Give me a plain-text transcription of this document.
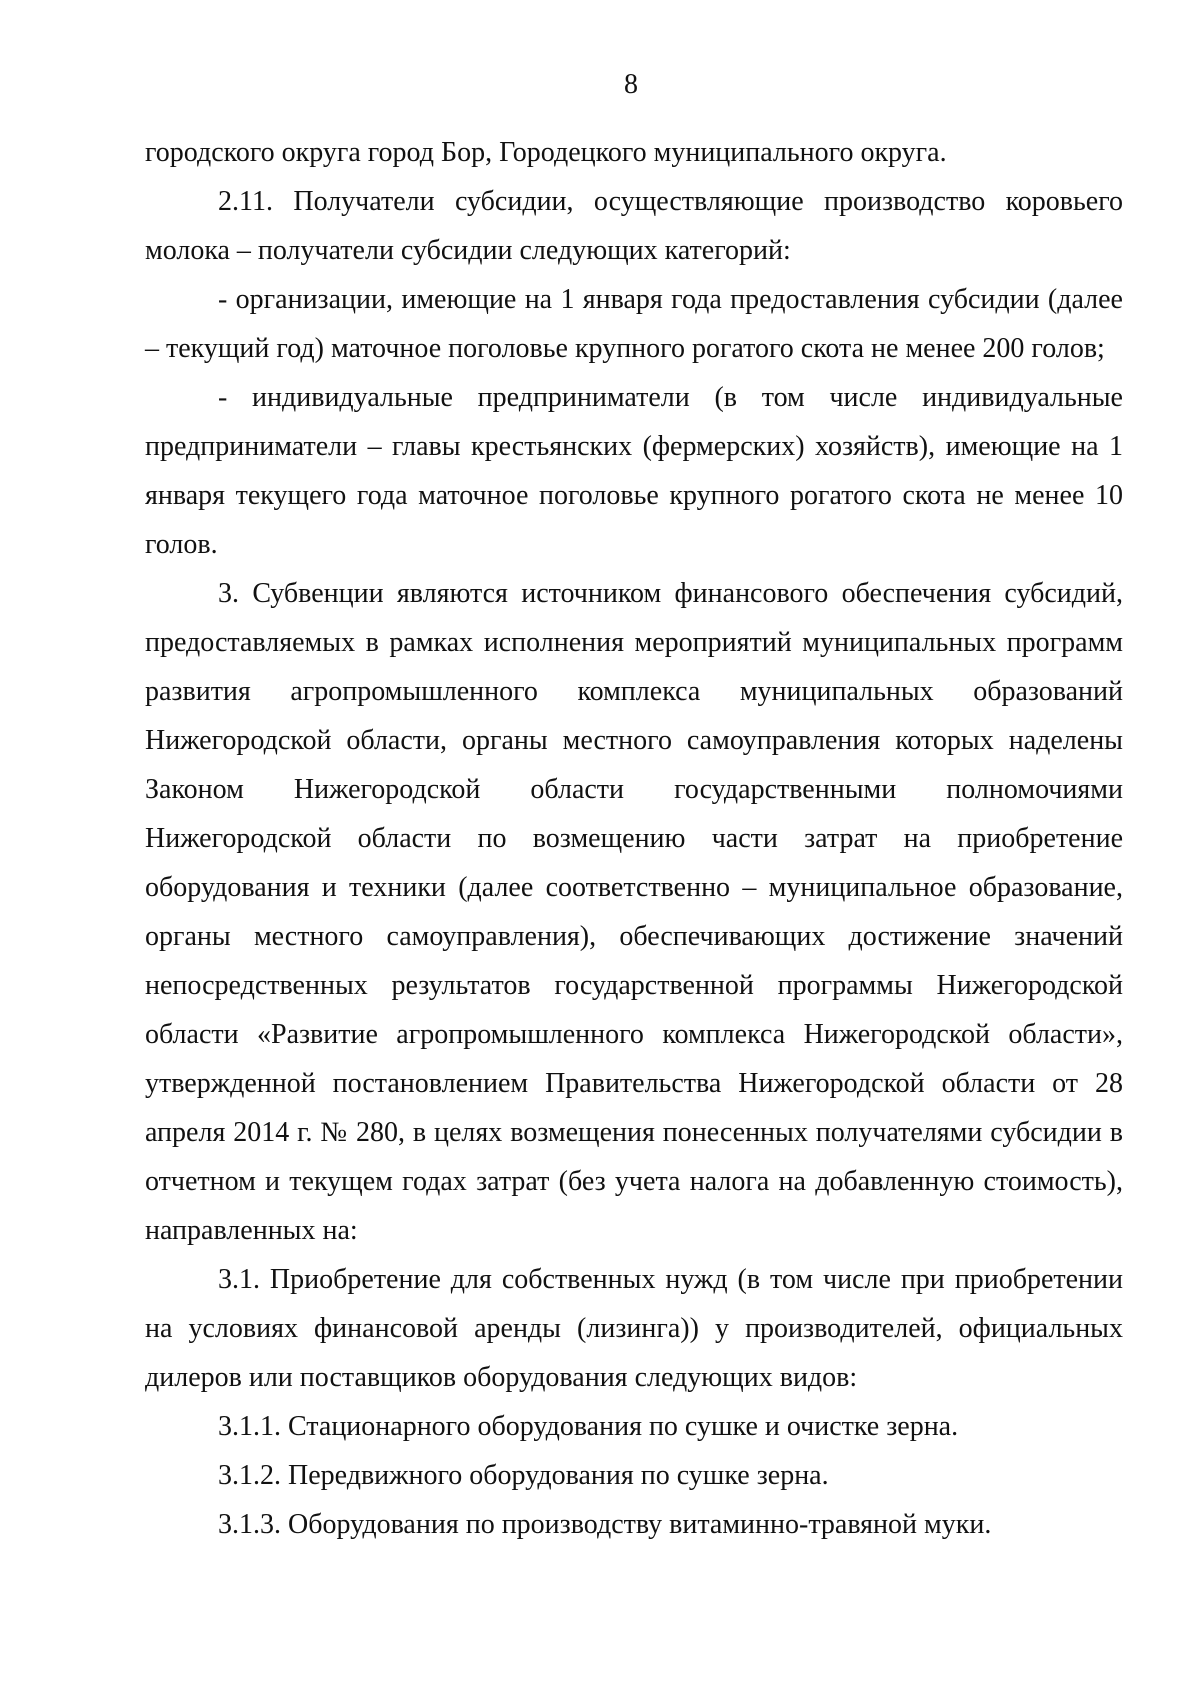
8

городского округа город Бор, Городецкого муниципального округа.

2.11. Получатели субсидии, осуществляющие производство коровьего молока – получатели субсидии следующих категорий:

- организации, имеющие на 1 января года предоставления субсидии (далее – текущий год) маточное поголовье крупного рогатого скота не менее 200 голов;

- индивидуальные предприниматели (в том числе индивидуальные предприниматели – главы крестьянских (фермерских) хозяйств), имеющие на 1 января текущего года маточное поголовье крупного рогатого скота не менее 10 голов.

3. Субвенции являются источником финансового обеспечения субсидий, предоставляемых в рамках исполнения мероприятий муниципальных программ развития агропромышленного комплекса муниципальных образований Нижегородской области, органы местного самоуправления которых наделены Законом Нижегородской области государственными полномочиями Нижегородской области по возмещению части затрат на приобретение оборудования и техники (далее соответственно – муниципальное образование, органы местного самоуправления), обеспечивающих достижение значений непосредственных результатов государственной программы Нижегородской области «Развитие агропромышленного комплекса Нижегородской области», утвержденной постановлением Правительства Нижегородской области от 28 апреля 2014 г. № 280, в целях возмещения понесенных получателями субсидии в отчетном и текущем годах затрат (без учета налога на добавленную стоимость), направленных на:

3.1. Приобретение для собственных нужд (в том числе при приобретении на условиях финансовой аренды (лизинга)) у производителей, официальных дилеров или поставщиков оборудования следующих видов:

3.1.1. Стационарного оборудования по сушке и очистке зерна.

3.1.2. Передвижного оборудования по сушке зерна.

3.1.3. Оборудования по производству витаминно-травяной муки.
